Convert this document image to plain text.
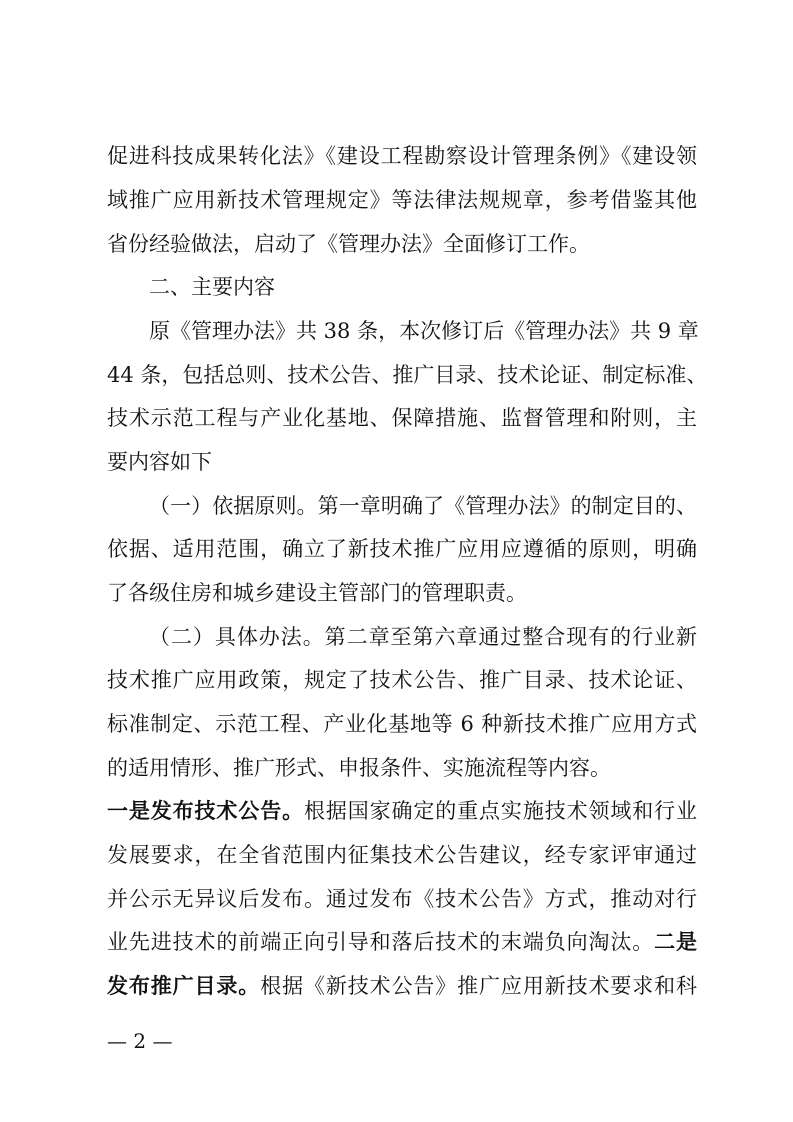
促进科技成果转化法》《建设工程勘察设计管理条例》《建设领
域推广应用新技术管理规定》等法律法规规章，参考借鉴其他
省份经验做法，启动了《管理办法》全面修订工作。
二、主要内容
原《管理办法》共 38 条，本次修订后《管理办法》共 9 章
44 条，包括总则、技术公告、推广目录、技术论证、制定标准、
技术示范工程与产业化基地、保障措施、监督管理和附则，主
要内容如下
（一）依据原则。第一章明确了《管理办法》的制定目的、
依据、适用范围，确立了新技术推广应用应遵循的原则，明确
了各级住房和城乡建设主管部门的管理职责。
（二）具体办法。第二章至第六章通过整合现有的行业新
技术推广应用政策，规定了技术公告、推广目录、技术论证、
标准制定、示范工程、产业化基地等 6 种新技术推广应用方式
的适用情形、推广形式、申报条件、实施流程等内容。
一是发布技术公告。根据国家确定的重点实施技术领域和行业
发展要求，在全省范围内征集技术公告建议，经专家评审通过
并公示无异议后发布。通过发布《技术公告》方式，推动对行
业先进技术的前端正向引导和落后技术的末端负向淘汰。二是
发布推广目录。根据《新技术公告》推广应用新技术要求和科
— 2 —
